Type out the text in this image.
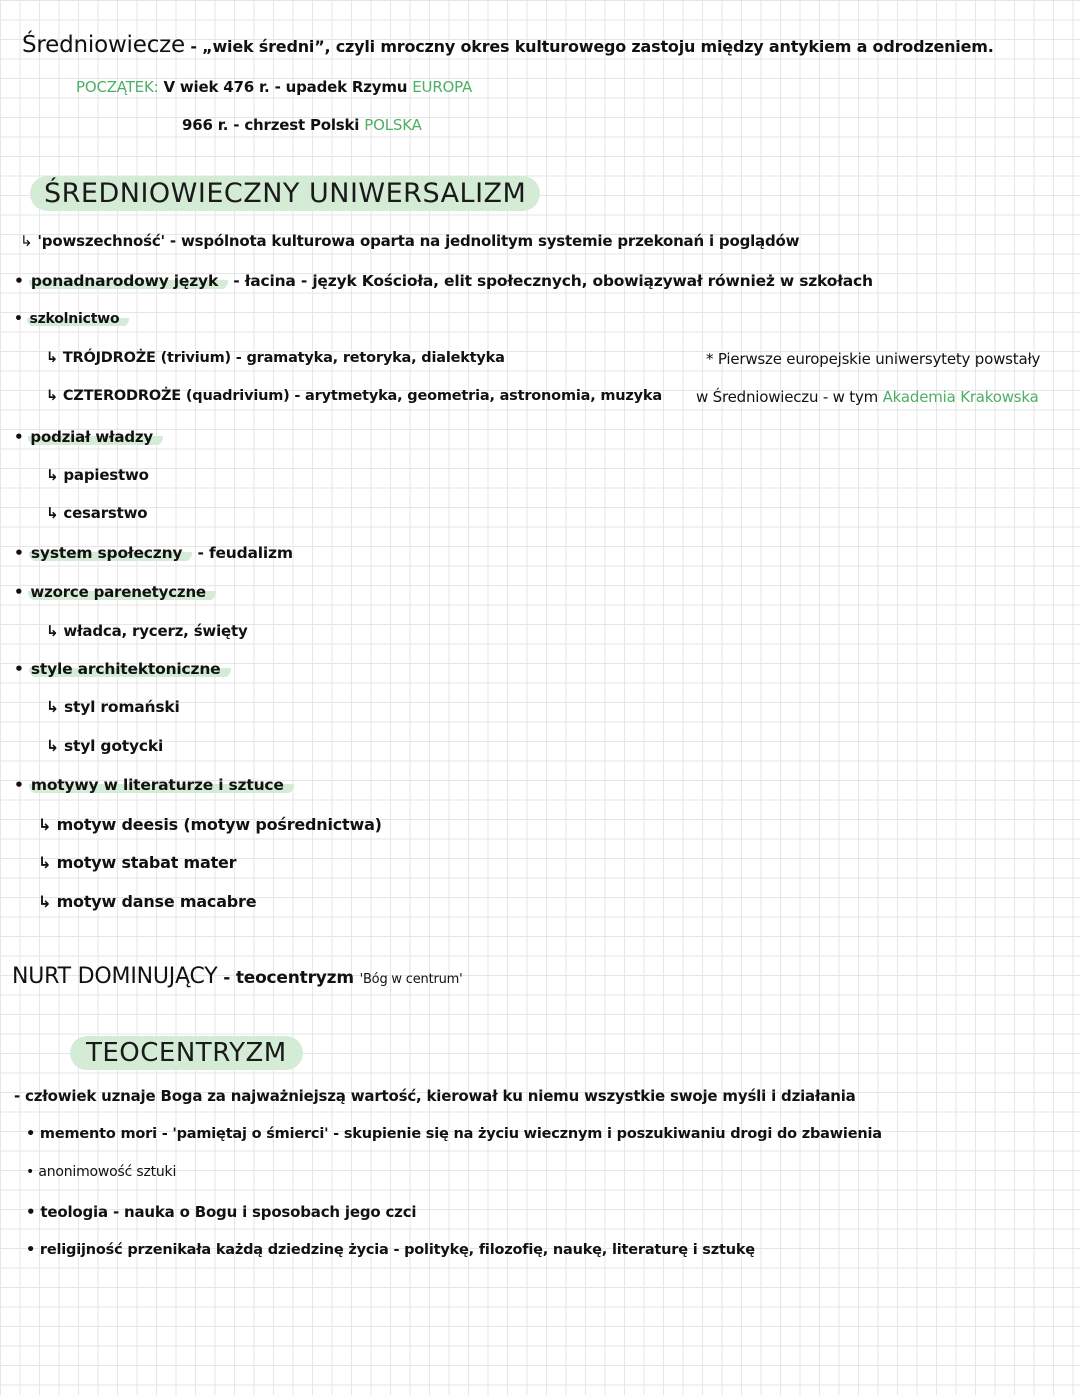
Średniowiecze - „wiek średni”, czyli mroczny okres kulturowego zastoju między antykiem a odrodzeniem.
POCZĄTEK: V wiek 476 r. - upadek Rzymu EUROPA
966 r. - chrzest Polski POLSKA
ŚREDNIOWIECZNY UNIWERSALIZM
↳ 'powszechność' - wspólnota kulturowa oparta na jednolitym systemie przekonań i poglądów
• ponadnarodowy język - łacina - język Kościoła, elit społecznych, obowiązywał również w szkołach
• szkolnictwo
↳ TRÓJDROŻE (trivium) - gramatyka, retoryka, dialektyka
↳ CZTERODROŻE (quadrivium) - arytmetyka, geometria, astronomia, muzyka
* Pierwsze europejskie uniwersytety powstały
w Średniowieczu - w tym Akademia Krakowska
• podział władzy
↳ papiestwo
↳ cesarstwo
• system społeczny - feudalizm
• wzorce parenetyczne
↳ władca, rycerz, święty
• style architektoniczne
↳ styl romański
↳ styl gotycki
• motywy w literaturze i sztuce
↳ motyw deesis (motyw pośrednictwa)
↳ motyw stabat mater
↳ motyw danse macabre
NURT DOMINUJĄCY - teocentryzm 'Bóg w centrum'
TEOCENTRYZM
- człowiek uznaje Boga za najważniejszą wartość, kierował ku niemu wszystkie swoje myśli i działania
• memento mori - 'pamiętaj o śmierci' - skupienie się na życiu wiecznym i poszukiwaniu drogi do zbawienia
• anonimowość sztuki
• teologia - nauka o Bogu i sposobach jego czci
• religijność przenikała każdą dziedzinę życia - politykę, filozofię, naukę, literaturę i sztukę
